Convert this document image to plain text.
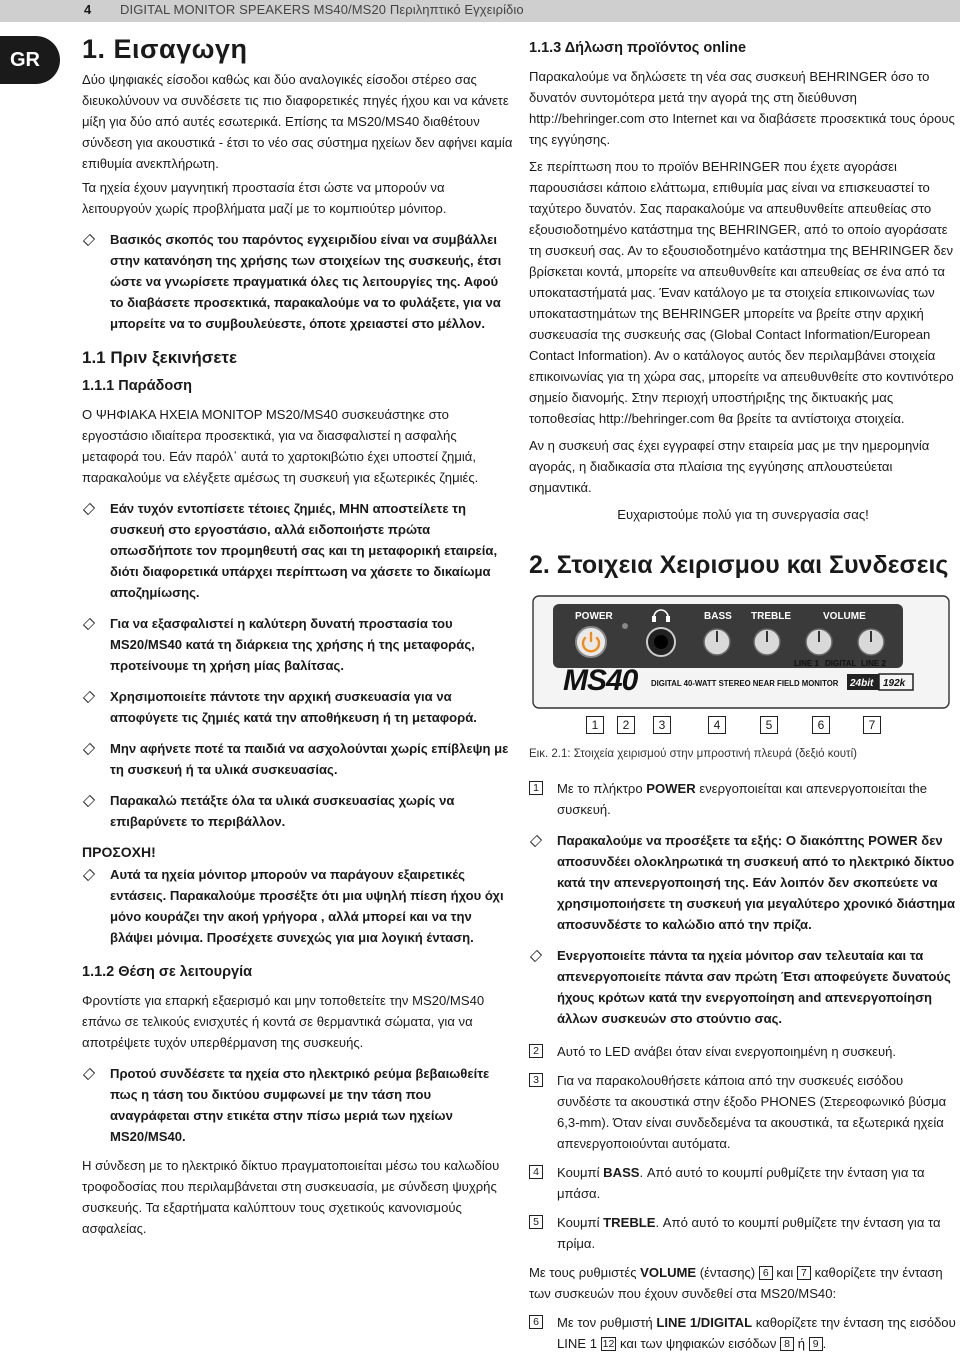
4 DIGITAL MONITOR SPEAKERS MS40/MS20 Περιληπτικό Εγχειρίδιο
GR	1. Εισαγωγη

Δύο ψηφιακές είσοδοι καθώς και δύο αναλογικές είσοδοι στέρεο σας διευκολύνουν να συνδέσετε τις πιο διαφορετικές πηγές ήχου και να κάνετε μίξη για δύο από αυτές εσωτερικά. Επίσης τα MS20/MS40 διαθέτουν σύνδεση για ακουστικά - έτσι το νέο σας σύστημα ηχείων δεν αφήνει καμία επιθυμία ανεκπλήρωτη.

Τα ηχεία έχουν μαγνητική προστασία έτσι ώστε να μπορούν να λειτουργούν χωρίς προβλήματα μαζί με το κομπιούτερ μόνιτορ.

Βασικός σκοπός του παρόντος εγχειριδίου είναι να συμβάλλει στην κατανόηση της χρήσης των στοιχείων της συσκευής, έτσι ώστε να γνωρίσετε πραγματικά όλες τις λειτουργίες της. Αφού το διαβάσετε προσεκτικά, παρακαλούμε να το φυλάξετε, για να μπορείτε να το συμβουλεύεστε, όποτε χρειαστεί στο μέλλον.
1.1 Πριν ξεκινήσετε
1.1.1 Παράδοση

Ο ΨΗΦΙΑΚΑ ΗΧΕΙΑ MONITOP MS20/MS40 συσκευάστηκε στο εργοστάσιο ιδιαίτερα προσεκτικά, για να διασφαλιστεί η ασφαλής μεταφορά του. Εάν παρόλ᾽ αυτά το χαρτοκιβώτιο έχει υποστεί ζημιά, παρακαλούμε να ελέγξετε αμέσως τη συσκευή για εξωτερικές ζημιές.

Εάν τυχόν εντοπίσετε τέτοιες ζημιές, ΜΗΝ αποστείλετε τη συσκευή στο εργοστάσιο, αλλά ειδοποιήστε πρώτα οπωσδήποτε τον προμηθευτή σας και τη μεταφορική εταιρεία, διότι διαφορετικά υπάρχει περίπτωση να χάσετε το δικαίωμα αποζημίωσης.
Για να εξασφαλιστεί η καλύτερη δυνατή προστασία του MS20/MS40 κατά τη διάρκεια της χρήσης ή της μεταφοράς, προτείνουμε τη χρήση μίας βαλίτσας.
Χρησιμοποιείτε πάντοτε την αρχική συσκευασία για να αποφύγετε τις ζημιές κατά την αποθήκευση ή τη μεταφορά.
Μην αφήνετε ποτέ τα παιδιά να ασχολούνται χωρίς επίβλεψη με τη συσκευή ή τα υλικά συσκευασίας.
Παρακαλώ πετάξτε όλα τα υλικά συσκευασίας χωρίς να επιβαρύνετε το περιβάλλον.
ΠΡΟΣΟΧΗ!
Αυτά τα ηχεία μόνιτορ μπορούν να παράγουν εξαιρετικές εντάσεις. Παρακαλούμε προσέξτε ότι μια υψηλή πίεση ήχου όχι μόνο κουράζει την ακοή γρήγορα , αλλά μπορεί και να την βλάψει μόνιμα. Προσέχετε συνεχώς για μια λογική ένταση.
1.1.2 Θέση σε λειτουργία

Φροντίστε για επαρκή εξαερισμό και μην τοποθετείτε την MS20/MS40 επάνω σε τελικούς ενισχυτές ή κοντά σε θερμαντικά σώματα, για να αποτρέψετε τυχόν υπερθέρμανση της συσκευής.

Προτού συνδέσετε τα ηχεία στο ηλεκτρικό ρεύμα βεβαιωθείτε πως η τάση του δικτύου συμφωνεί με την τάση που αναγράφεται στην ετικέτα στην πίσω μεριά των ηχείων MS20/MS40.

Η σύνδεση με το ηλεκτρικό δίκτυο πραγματοποιείται μέσω του καλωδίου τροφοδοσίας που περιλαμβάνεται στη συσκευασία, με σύνδεση ψυχρής συσκευής. Τα εξαρτήματα καλύπτουν τους σχετικούς κανονισμούς ασφαλείας.

1.1.3 Δήλωση προϊόντος online

Παρακαλούμε να δηλώσετε τη νέα σας συσκευή BEHRINGER όσο το δυνατόν συντομότερα μετά την αγορά της στη διεύθυνση http://behringer.com στο Internet και να διαβάσετε προσεκτικά τους όρους της εγγύησης.

Σε περίπτωση που το προϊόν BEHRINGER που έχετε αγοράσει παρουσιάσει κάποιο ελάττωμα, επιθυμία μας είναι να επισκευαστεί το ταχύτερο δυνατόν. Σας παρακαλούμε να απευθυνθείτε απευθείας στο εξουσιοδοτημένο κατάστημα της BEHRINGER, από το οποίο αγοράσατε τη συσκευή σας. Αν το εξουσιοδοτημένο κατάστημα της BEHRINGER δεν βρίσκεται κοντά, μπορείτε να απευθυνθείτε και απευθείας σε ένα από τα υποκαταστήματά μας. Έναν κατάλογο με τα στοιχεία επικοινωνίας των υποκαταστημάτων της BEHRINGER μπορείτε να βρείτε στην αρχική συσκευασία της συσκευής σας (Global Contact Information/European Contact Information). Αν ο κατάλογος αυτός δεν περιλαμβάνει στοιχεία επικοινωνίας για τη χώρα σας, μπορείτε να απευθυνθείτε στο κοντινότερο σημείο διανομής. Στην περιοχή υποστήριξης της δικτυακής μας τοποθεσίας http://behringer.com θα βρείτε τα αντίστοιχα στοιχεία.

Αν η συσκευή σας έχει εγγραφεί στην εταιρεία μας με την ημερομηνία αγοράς, η διαδικασία στα πλαίσια της εγγύησης απλουστεύεται σημαντικά.

Ευχαριστούμε πολύ για τη συνεργασία σας!

2. Στοιχεια Χειρισμου και Συνδεσεις
POWER	BASS TREBLE	VOLUME
LINE 1 DIGITAL LINE 2
MS40 DIGITAL 40-WATT STEREO NEAR FIELD MONITOR 24bit 192k
1	2	3	4	5	6	7
Εικ. 2.1: Στοιχεία χειρισμού στην μπροστινή πλευρά (δεξιό κουτί)
1	Με το πλήκτρο POWER ενεργοποιείται και απενεργοποιείται the συσκευή.
Παρακαλούμε να προσέξετε τα εξής: Ο διακόπτης POWER δεν αποσυνδέει ολοκληρωτικά τη συσκευή από το ηλεκτρικό δίκτυο κατά την απενεργοποιησή της. Εάν λοιπόν δεν σκοπεύετε να χρησιμοποιήσετε τη συσκευή για μεγαλύτερο χρονικό διάστημα αποσυνδέστε το καλώδιο από την πρίζα.
Ενεργοποιείτε πάντα τα ηχεία μόνιτορ σαν τελευταία και τα απενεργοποιείτε πάντα σαν πρώτη Έτσι αποφεύγετε δυνατούς ήχους κρότων κατά την ενεργοποίηση and απενεργοποίηση άλλων συσκευών στο στούντιο σας.
2	Αυτό το LED ανάβει όταν είναι ενεργοποιημένη η συσκευή.
3	Για να παρακολουθήσετε κάποια από την συσκευές εισόδου συνδέστε τα ακουστικά στην έξοδο PHONES (Στερεοφωνικό βύσμα 6,3-mm). Όταν είναι συνδεδεμένα τα ακουστικά, τα εξωτερικά ηχεία απενεργοποιούνται αυτόματα.
4	Κουμπί BASS. Από αυτό το κουμπί ρυθμίζετε την ένταση για τα μπάσα.
5	Κουμπί TREBLE. Από αυτό το κουμπί ρυθμίζετε την ένταση για τα πρίμα.

Με τους ρυθμιστές VOLUME (έντασης) 6 και 7 καθορίζετε την ένταση των συσκευών που έχουν συνδεθεί στα MS20/MS40:

6	Με τον ρυθμιστή LINE 1/DIGITAL καθορίζετε την ένταση της εισόδου LINE 1 12 και των ψηφιακών εισόδων 8 ή 9 .
